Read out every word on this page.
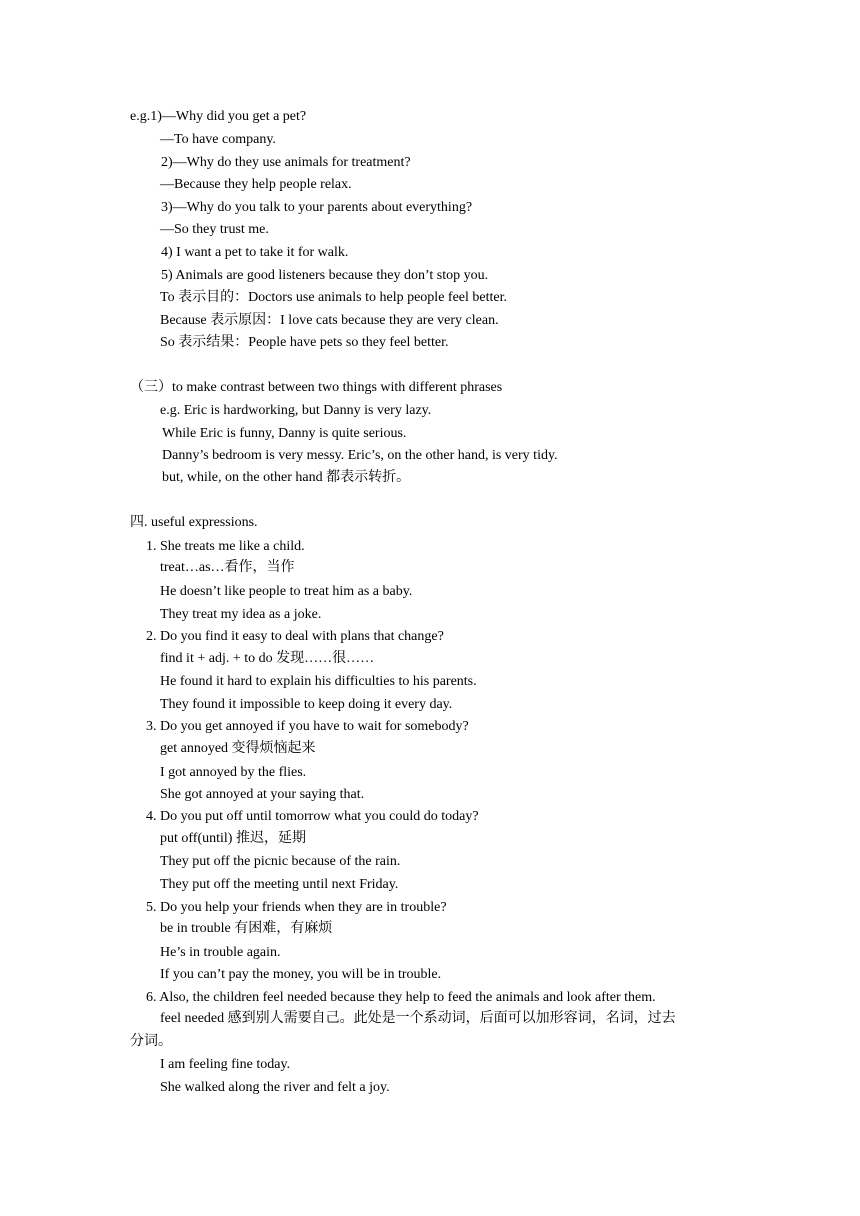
e.g.1)—Why did you get a pet?
—To have company.
2)—Why do they use animals for treatment?
—Because they help people relax.
3)—Why do you talk to your parents about everything?
—So they trust me.
4) I want a pet to take it for walk.
5) Animals are good listeners because they don’t stop you.
To 表示目的：Doctors use animals to help people feel better.
Because 表示原因：I love cats because they are very clean.
So 表示结果：People have pets so they feel better.
（三）to make contrast between two things with different phrases
e.g. Eric is hardworking, but Danny is very lazy.
While Eric is funny, Danny is quite serious.
Danny’s bedroom is very messy. Eric’s, on the other hand, is very tidy.
but, while, on the other hand 都表示转折。
四. useful expressions.
1. She treats me like a child.
treat…as…看作，当作
He doesn’t like people to treat him as a baby.
They treat my idea as a joke.
2. Do you find it easy to deal with plans that change?
find it + adj. + to do 发现……很……
He found it hard to explain his difficulties to his parents.
They found it impossible to keep doing it every day.
3. Do you get annoyed if you have to wait for somebody?
get annoyed 变得烦恼起来
I got annoyed by the flies.
She got annoyed at your saying that.
4. Do you put off until tomorrow what you could do today?
put off(until) 推迟，延期
They put off the picnic because of the rain.
They put off the meeting until next Friday.
5. Do you help your friends when they are in trouble?
be in trouble 有困难，有麻烦
He’s in trouble again.
If you can’t pay the money, you will be in trouble.
6. Also, the children feel needed because they help to feed the animals and look after them.
feel needed 感到别人需要自己。此处是一个系动词，后面可以加形容词，名词，过去
分词。
I am feeling fine today.
She walked along the river and felt a joy.
